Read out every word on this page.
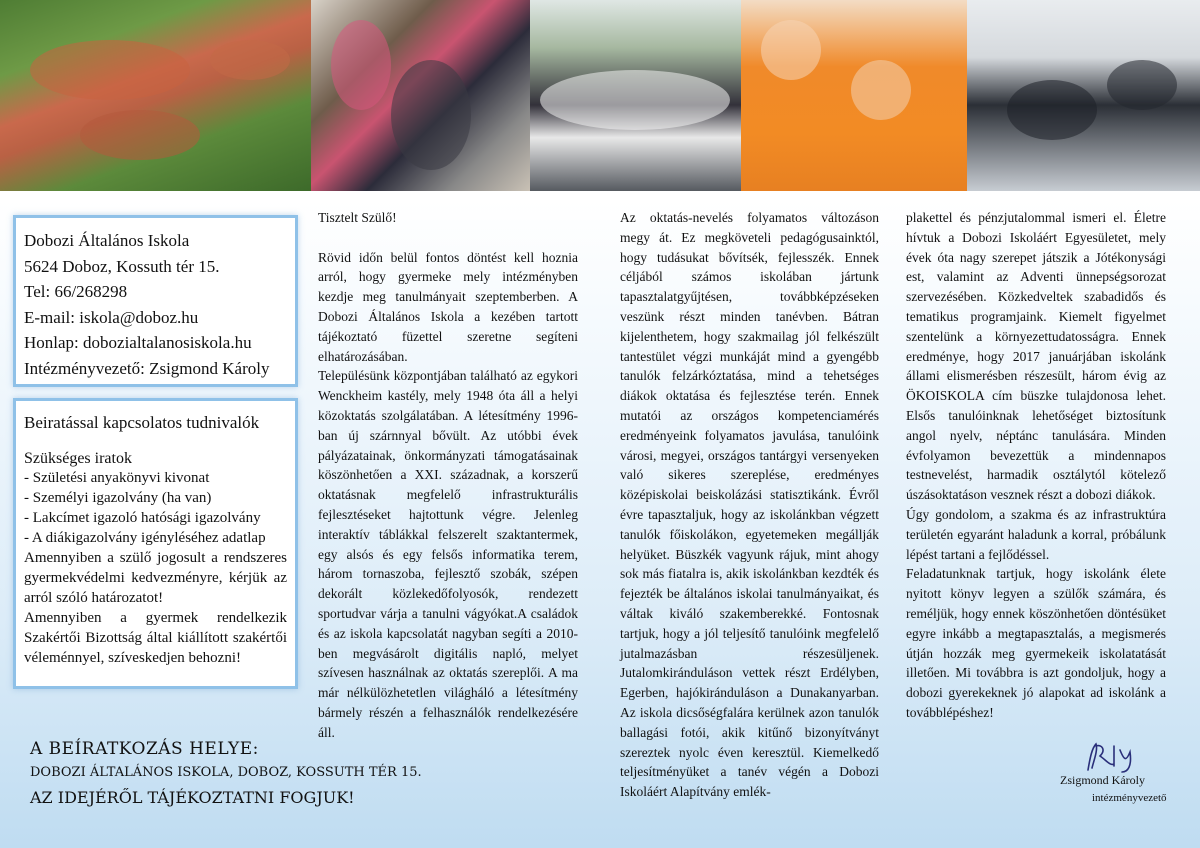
Dobozi Általános Iskola
5624 Doboz, Kossuth tér 15.
Tel: 66/268298
E-mail: iskola@doboz.hu
Honlap: dobozialtalanosiskola.hu
Intézményvezető: Zsigmond Károly
Beiratással kapcsolatos tudnivalók
Szükséges iratok
- Születési anyakönyvi kivonat
- Személyi igazolvány (ha van)
- Lakcímet igazoló hatósági igazolvány
- A diákigazolvány igényléséhez adatlap
Amennyiben a szülő jogosult a rendszeres gyermekvédelmi kedvezményre, kérjük az arról szóló határozatot!
Amennyiben a gyermek rendelkezik Szakértői Bizottság által kiállított szakértői véleménnyel, szíveskedjen behozni!
A BEÍRATKOZÁS HELYE:
DOBOZI ÁLTALÁNOS ISKOLA, DOBOZ, KOSSUTH TÉR 15.
AZ IDEJÉRŐL TÁJÉKOZTATNI FOGJUK!

Tisztelt Szülő!

Rövid időn belül fontos döntést kell hoznia arról, hogy gyermeke mely intézményben kezdje meg tanulmányait szeptemberben. A Dobozi Általános Iskola a kezében tartott tájékoztató füzettel szeretne segíteni elhatározásában.

Településünk központjában található az egykori Wenckheim kastély, mely 1948 óta áll a helyi közoktatás szolgálatában. A létesítmény 1996-ban új szárnnyal bővült. Az utóbbi évek pályázatainak, önkormányzati támogatásainak köszönhetően a XXI. századnak, a korszerű oktatásnak megfelelő infrastrukturális fejlesztéseket hajtottunk végre. Jelenleg interaktív táblákkal felszerelt szaktantermek, egy alsós és egy felsős informatika terem, három tornaszoba, fejlesztő szobák, szépen dekorált közlekedőfolyosók, rendezett sportudvar várja a tanulni vágyókat.A családok és az iskola kapcsolatát nagyban segíti a 2010-ben megvásárolt digitális napló, melyet szívesen használnak az oktatás szereplői. A ma már nélkülözhetetlen világháló a létesítmény bármely részén a felhasználók rendelkezésére áll.

Az oktatás-nevelés folyamatos változáson megy át. Ez megköveteli pedagógusainktól, hogy tudásukat bővítsék, fejlesszék. Ennek céljából számos iskolában jártunk tapasztalatgyűjtésen, továbbképzéseken veszünk részt minden tanévben. Bátran kijelenthetem, hogy szakmailag jól felkészült tantestület végzi munkáját mind a gyengébb tanulók felzárkóztatása, mind a tehetséges diákok oktatása és fejlesztése terén. Ennek mutatói az országos kompetenciamérés eredményeink folyamatos javulása, tanulóink városi, megyei, országos tantárgyi versenyeken való sikeres szereplése, eredményes középiskolai beiskolázási statisztikánk. Évről évre tapasztaljuk, hogy az iskolánkban végzett tanulók főiskolákon, egyetemeken megállják helyüket. Büszkék vagyunk rájuk, mint ahogy sok más fiatalra is, akik iskolánkban kezdték és fejezték be általános iskolai tanulmányaikat, és váltak kiváló szakemberekké. Fontosnak tartjuk, hogy a jól teljesítő tanulóink megfelelő jutalmazásban részesüljenek. Jutalomkiránduláson vettek részt Erdélyben, Egerben, hajókiránduláson a Dunakanyarban. Az iskola dicsőségfalára kerülnek azon tanulók ballagási fotói, akik kitűnő bizonyítványt szereztek nyolc éven keresztül. Kiemelkedő teljesítményüket a tanév végén a Dobozi Iskoláért Alapítvány emlék-

plakettel és pénzjutalommal ismeri el. Életre hívtuk a Dobozi Iskoláért Egyesületet, mely évek óta nagy szerepet játszik a Jótékonysági est, valamint az Adventi ünnepségsorozat szervezésében. Közkedveltek szabadidős és tematikus programjaink. Kiemelt figyelmet szentelünk a környezettudatosságra. Ennek eredménye, hogy 2017 januárjában iskolánk állami elismerésben részesült, három évig az ÖKOISKOLA cím büszke tulajdonosa lehet. Elsős tanulóinknak lehetőséget biztosítunk angol nyelv, néptánc tanulására. Minden évfolyamon bevezettük a mindennapos testnevelést, harmadik osztálytól kötelező úszásoktatáson vesznek részt a dobozi diákok.

Úgy gondolom, a szakma és az infrastruktúra területén egyaránt haladunk a korral, próbálunk lépést tartani a fejlődéssel.

Feladatunknak tartjuk, hogy iskolánk élete nyitott könyv legyen a szülők számára, és reméljük, hogy ennek köszönhetően döntésüket egyre inkább a megtapasztalás, a megismerés útján hozzák meg gyermekeik iskolatatását illetően. Mi továbbra is azt gondoljuk, hogy a dobozi gyerekeknek jó alapokat ad iskolánk a továbblépéshez!

Zsigmond Károly
intézményvezető
